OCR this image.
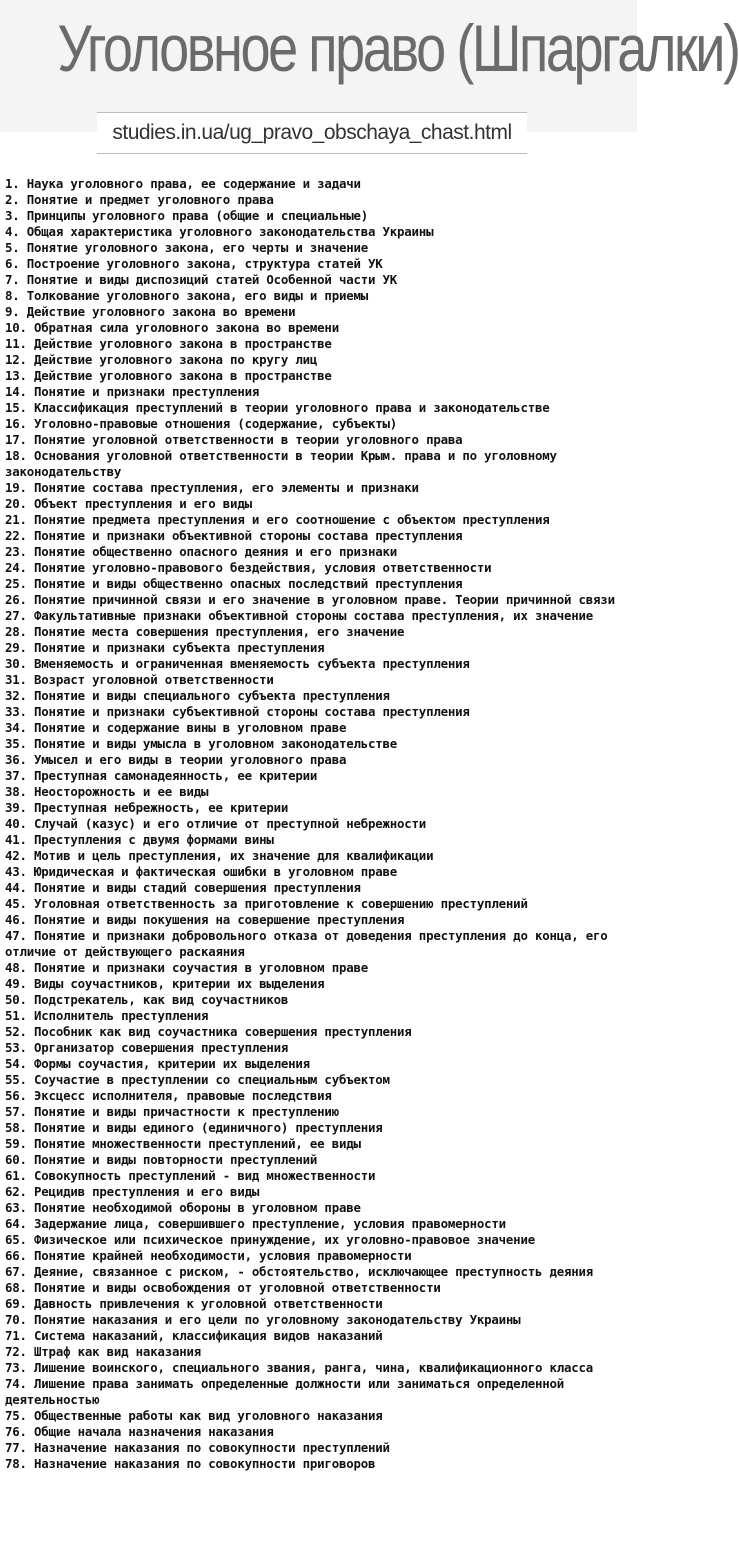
Уголовное право (Шпаргалки)
studies.in.ua/ug_pravo_obschaya_chast.html
1. Наука уголовного права, ее содержание и задачи
2. Понятие и предмет уголовного права
3. Принципы уголовного права (общие и специальные)
4. Общая характеристика уголовного законодательства Украины
5. Понятие уголовного закона, его черты и значение
6. Построение уголовного закона, структура статей УК
7. Понятие и виды диспозиций статей Особенной части УК
8. Толкование уголовного закона, его виды и приемы
9. Действие уголовного закона во времени
10. Обратная сила уголовного закона во времени
11. Действие уголовного закона в пространстве
12. Действие уголовного закона по кругу лиц
13. Действие уголовного закона в пространстве
14. Понятие и признаки преступления
15. Классификация преступлений в теории уголовного права и законодательстве
16. Уголовно-правовые отношения (содержание, субъекты)
17. Понятие уголовной ответственности в теории уголовного права
18. Основания уголовной ответственности в теории Крым. права и по уголовному законодательству
19. Понятие состава преступления, его элементы и признаки
20. Объект преступления и его виды
21. Понятие предмета преступления и его соотношение с объектом преступления
22. Понятие и признаки объективной стороны состава преступления
23. Понятие общественно опасного деяния и его признаки
24. Понятие уголовно-правового бездействия, условия ответственности
25. Понятие и виды общественно опасных последствий преступления
26. Понятие причинной связи и его значение в уголовном праве. Теории причинной связи
27. Факультативные признаки объективной стороны состава преступления, их значение
28. Понятие места совершения преступления, его значение
29. Понятие и признаки субъекта преступления
30. Вменяемость и ограниченная вменяемость субъекта преступления
31. Возраст уголовной ответственности
32. Понятие и виды специального субъекта преступления
33. Понятие и признаки субъективной стороны состава преступления
34. Понятие и содержание вины в уголовном праве
35. Понятие и виды умысла в уголовном законодательстве
36. Умысел и его виды в теории уголовного права
37. Преступная самонадеянность, ее критерии
38. Неосторожность и ее виды
39. Преступная небрежность, ее критерии
40. Случай (казус) и его отличие от преступной небрежности
41. Преступления с двумя формами вины
42. Мотив и цель преступления, их значение для квалификации
43. Юридическая и фактическая ошибки в уголовном праве
44. Понятие и виды стадий совершения преступления
45. Уголовная ответственность за приготовление к совершению преступлений
46. Понятие и виды покушения на совершение преступления
47. Понятие и признаки добровольного отказа от доведения преступления до конца, его отличие от действующего раскаяния
48. Понятие и признаки соучастия в уголовном праве
49. Виды соучастников, критерии их выделения
50. Подстрекатель, как вид соучастников
51. Исполнитель преступления
52. Пособник как вид соучастника совершения преступления
53. Организатор совершения преступления
54. Формы соучастия, критерии их выделения
55. Соучастие в преступлении со специальным субъектом
56. Эксцесс исполнителя, правовые последствия
57. Понятие и виды причастности к преступлению
58. Понятие и виды единого (единичного) преступления
59. Понятие множественности преступлений, ее виды
60. Понятие и виды повторности преступлений
61. Совокупность преступлений - вид множественности
62. Рецидив преступления и его виды
63. Понятие необходимой обороны в уголовном праве
64. Задержание лица, совершившего преступление, условия правомерности
65. Физическое или психическое принуждение, их уголовно-правовое значение
66. Понятие крайней необходимости, условия правомерности
67. Деяние, связанное с риском, - обстоятельство, исключающее преступность деяния
68. Понятие и виды освобождения от уголовной ответственности
69. Давность привлечения к уголовной ответственности
70. Понятие наказания и его цели по уголовному законодательству Украины
71. Система наказаний, классификация видов наказаний
72. Штраф как вид наказания
73. Лишение воинского, специального звания, ранга, чина, квалификационного класса
74. Лишение права занимать определенные должности или заниматься определенной деятельностью
75. Общественные работы как вид уголовного наказания
76. Общие начала назначения наказания
77. Назначение наказания по совокупности преступлений
78. Назначение наказания по совокупности приговоров
